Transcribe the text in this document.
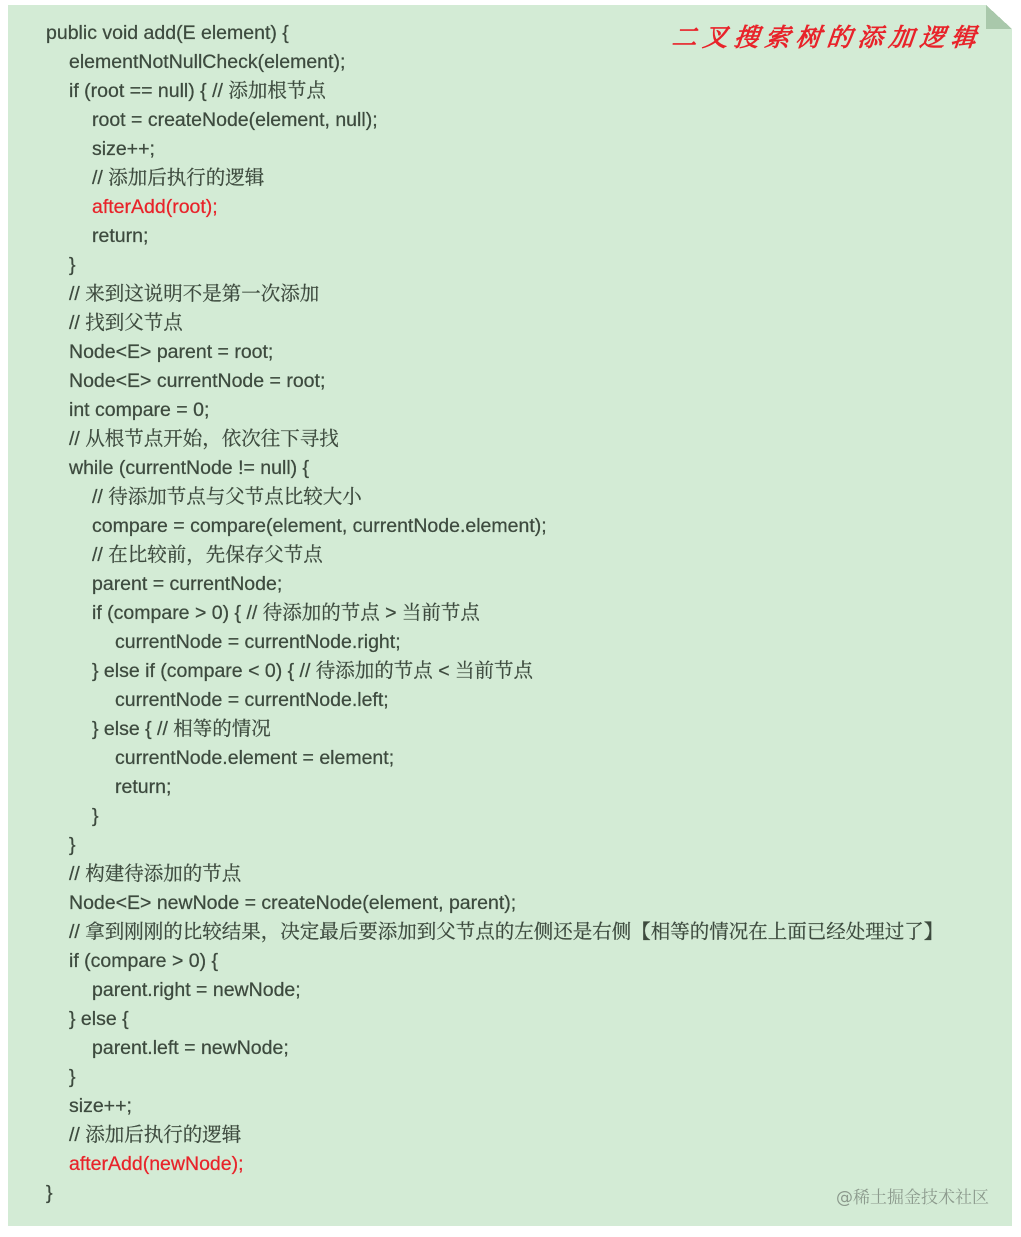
二叉搜索树的添加逻辑
public void add(E element) {
elementNotNullCheck(element);
if (root == null) { // 添加根节点
root = createNode(element, null);
size++;
// 添加后执行的逻辑
afterAdd(root);
return;
}
// 来到这说明不是第一次添加
// 找到父节点
Node<E> parent = root;
Node<E> currentNode = root;
int compare = 0;
// 从根节点开始，依次往下寻找
while (currentNode != null) {
// 待添加节点与父节点比较大小
compare = compare(element, currentNode.element);
// 在比较前，先保存父节点
parent = currentNode;
if (compare > 0) { // 待添加的节点 > 当前节点
currentNode = currentNode.right;
} else if (compare < 0) { // 待添加的节点 < 当前节点
currentNode = currentNode.left;
} else { // 相等的情况
currentNode.element = element;
return;
}
}
// 构建待添加的节点
Node<E> newNode = createNode(element, parent);
// 拿到刚刚的比较结果，决定最后要添加到父节点的左侧还是右侧【相等的情况在上面已经处理过了】
if (compare > 0) {
parent.right = newNode;
} else {
parent.left = newNode;
}
size++;
// 添加后执行的逻辑
afterAdd(newNode);
}	@稀土掘金技术社区
